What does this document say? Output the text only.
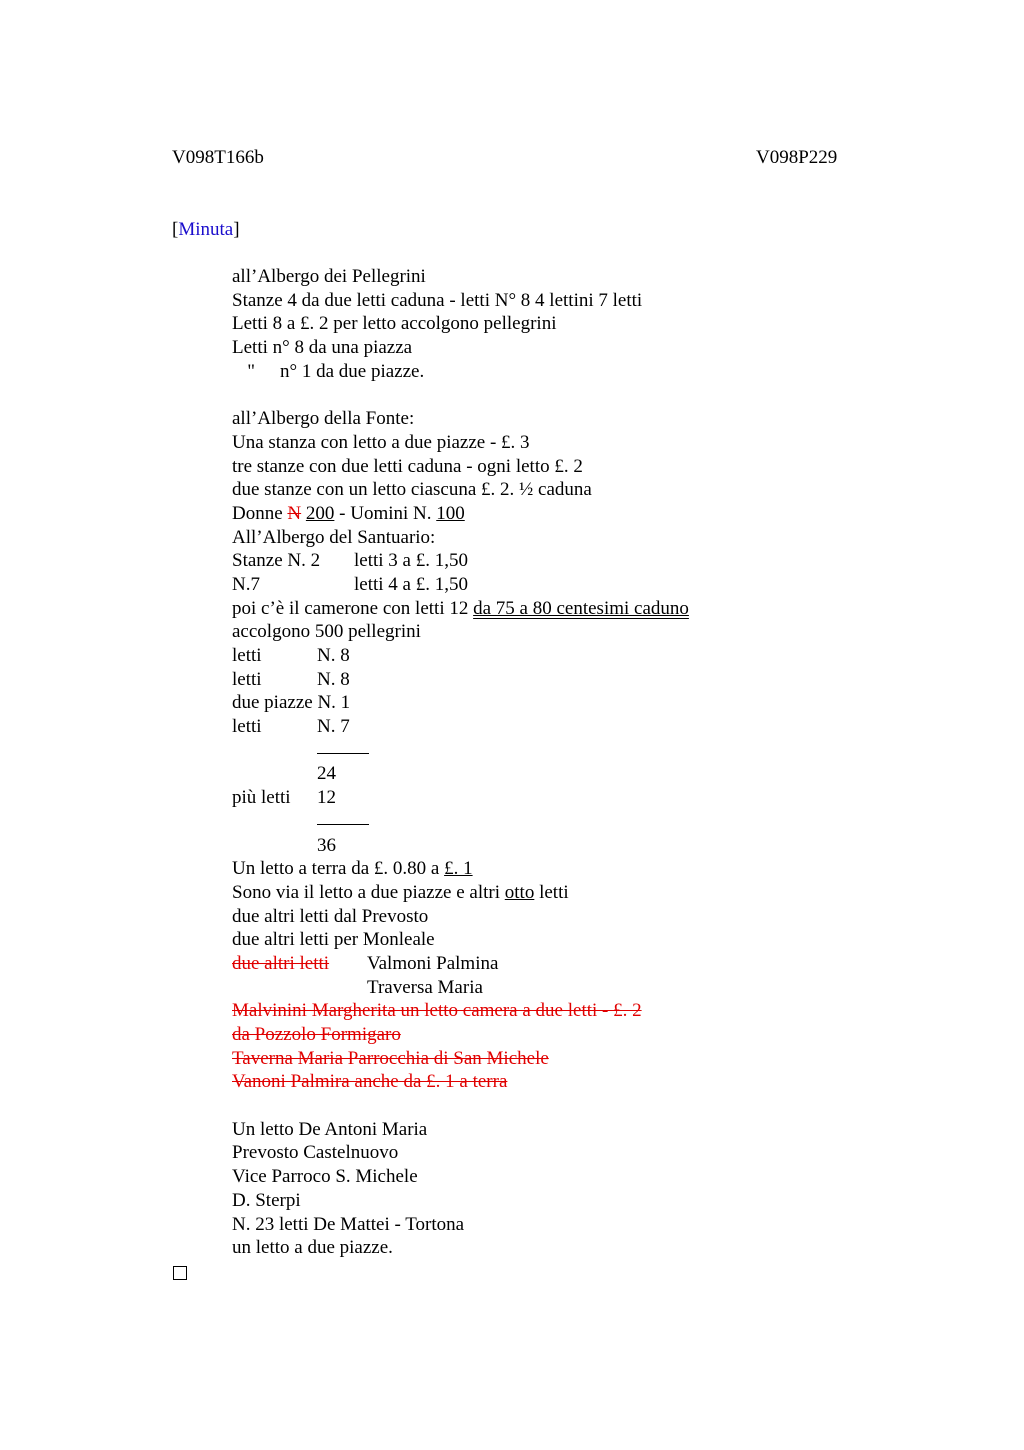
V098T166b	V098P229
[Minuta]
all’Albergo dei Pellegrini
Stanze 4 da due letti caduna - letti N° 8 4 lettini 7 letti
Letti 8 a £. 2 per letto accolgono pellegrini
Letti n° 8 da una piazza
" n° 1 da due piazze.
all’Albergo della Fonte:
Una stanza con letto a due piazze - £. 3
tre stanze con due letti caduna - ogni letto £. 2
due stanze con un letto ciascuna £. 2. ½ caduna
Donne N 200 - Uomini N. 100
All’Albergo del Santuario:
Stanze N. 2 letti 3 a £. 1,50
N.7	letti 4 a £. 1,50
poi c’è il camerone con letti 12 da 75 a 80 centesimi caduno
accolgono 500 pellegrini
letti	N. 8
letti	N. 8
due piazze N. 1
letti	N. 7
24
più letti 12
36
Un letto a terra da £. 0.80 a £. 1
Sono via il letto a due piazze e altri otto letti
due altri letti dal Prevosto
due altri letti per Monleale
due altri letti Valmoni Palmina
Traversa Maria
Malvinini Margherita un letto camera a due letti - £. 2
da Pozzolo Formigaro
Taverna Maria Parrocchia di San Michele
Vanoni Palmira anche da £. 1 a terra
Un letto De Antoni Maria
Prevosto Castelnuovo
Vice Parroco S. Michele
D. Sterpi
N. 23 letti De Mattei - Tortona
un letto a due piazze.
